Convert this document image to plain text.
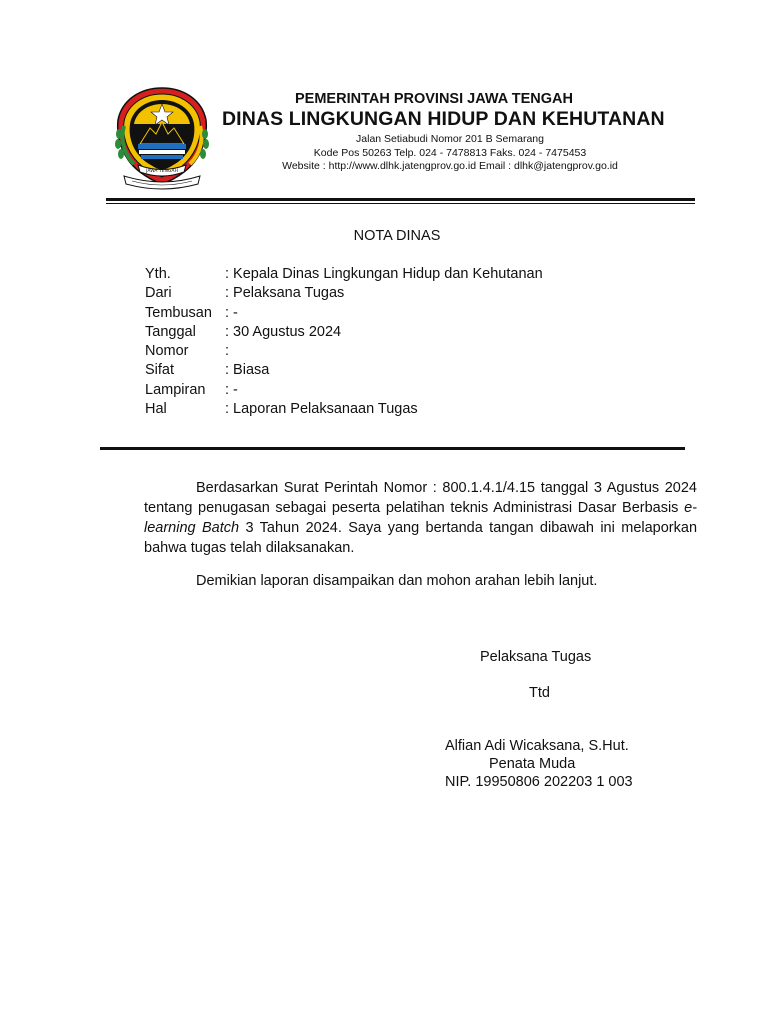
JAWA TENGAH
PEMERINTAH PROVINSI JAWA TENGAH
DINAS LINGKUNGAN HIDUP DAN KEHUTANAN
Jalan Setiabudi Nomor 201 B Semarang
Kode Pos 50263 Telp. 024 - 7478813 Faks. 024 - 7475453
Website : http://www.dlhk.jatengprov.go.id Email : dlhk@jatengprov.go.id
NOTA DINAS
Yth.	: Kepala Dinas Lingkungan Hidup dan Kehutanan
Dari	: Pelaksana Tugas
Tembusan : -
Tanggal	: 30 Agustus 2024
Nomor	:
Sifat	: Biasa
Lampiran	: -
Hal	: Laporan Pelaksanaan Tugas
Berdasarkan Surat Perintah Nomor : 800.1.4.1/4.15 tanggal 3 Agustus 2024 tentang penugasan sebagai peserta pelatihan teknis Administrasi Dasar Berbasis e-learning Batch 3 Tahun 2024. Saya yang bertanda tangan dibawah ini melaporkan bahwa tugas telah dilaksanakan.
Demikian laporan disampaikan dan mohon arahan lebih lanjut.
Pelaksana Tugas
Ttd
Alfian Adi Wicaksana, S.Hut.
Penata Muda
NIP. 19950806 202203 1 003
